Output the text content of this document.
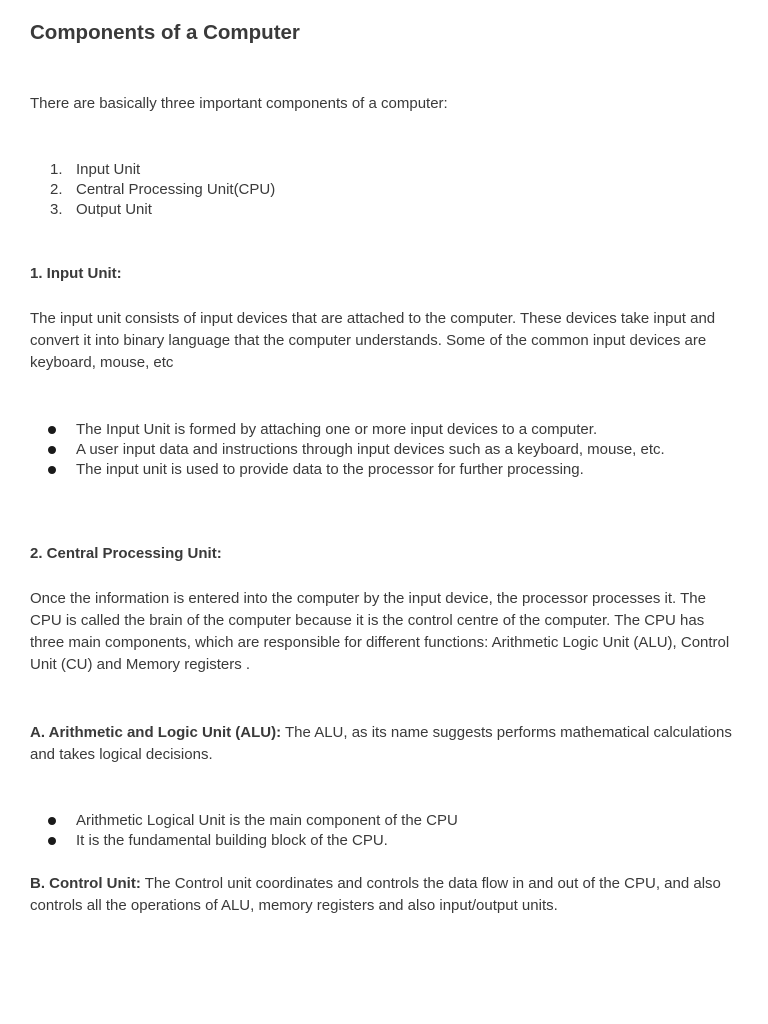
Components of a Computer

There are basically three important components of a computer:

1. Input Unit
2. Central Processing Unit(CPU)
3. Output Unit

1. Input Unit:

The input unit consists of input devices that are attached to the computer. These devices take input and convert it into binary language that the computer understands. Some of the common input devices are keyboard, mouse, etc

The Input Unit is formed by attaching one or more input devices to a computer.
A user input data and instructions through input devices such as a keyboard, mouse, etc.
The input unit is used to provide data to the processor for further processing.

2. Central Processing Unit:

Once the information is entered into the computer by the input device, the processor processes it. The CPU is called the brain of the computer because it is the control centre of the computer. The CPU has three main components, which are responsible for different functions: Arithmetic Logic Unit (ALU), Control Unit (CU) and Memory registers .

A. Arithmetic and Logic Unit (ALU): The ALU, as its name suggests performs mathematical calculations and takes logical decisions.

Arithmetic Logical Unit is the main component of the CPU
It is the fundamental building block of the CPU.

B. Control Unit: The Control unit coordinates and controls the data flow in and out of the CPU, and also controls all the operations of ALU, memory registers and also input/output units.
